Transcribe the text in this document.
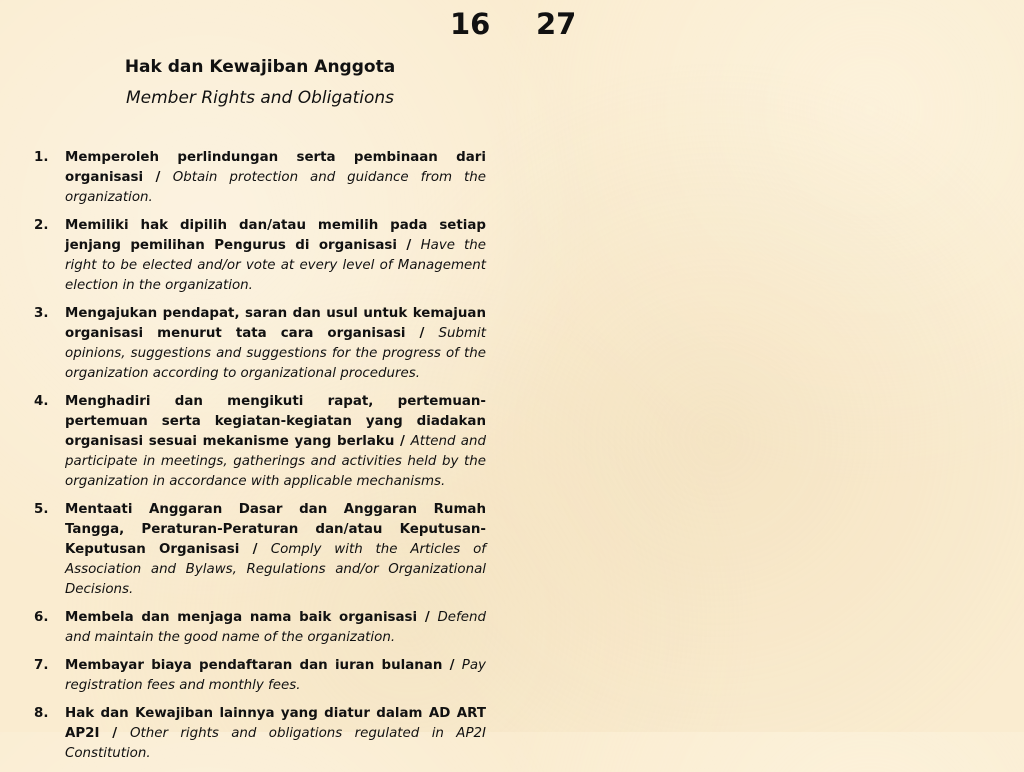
16 27
Hak dan Kewajiban Anggota
Member Rights and Obligations
1. Memperoleh perlindungan serta pembinaan dari organisasi / Obtain protection and guidance from the organization.
2. Memiliki hak dipilih dan/atau memilih pada setiap jenjang pemilihan Pengurus di organisasi / Have the right to be elected and/or vote at every level of Management election in the organization.
3. Mengajukan pendapat, saran dan usul untuk kemajuan organisasi menurut tata cara organisasi / Submit opinions, suggestions and suggestions for the progress of the organization according to organizational procedures.
4. Menghadiri dan mengikuti rapat, pertemuan-pertemuan serta kegiatan-kegiatan yang diadakan organisasi sesuai mekanisme yang berlaku / Attend and participate in meetings, gatherings and activities held by the organization in accordance with applicable mechanisms.
5. Mentaati Anggaran Dasar dan Anggaran Rumah Tangga, Peraturan-Peraturan dan/atau Keputusan-Keputusan Organisasi / Comply with the Articles of Association and Bylaws, Regulations and/or Organizational Decisions.
6. Membela dan menjaga nama baik organisasi / Defend and maintain the good name of the organization.
7. Membayar biaya pendaftaran dan iuran bulanan / Pay registration fees and monthly fees.
8. Hak dan Kewajiban lainnya yang diatur dalam AD ART AP2I / Other rights and obligations regulated in AP2I Constitution.
